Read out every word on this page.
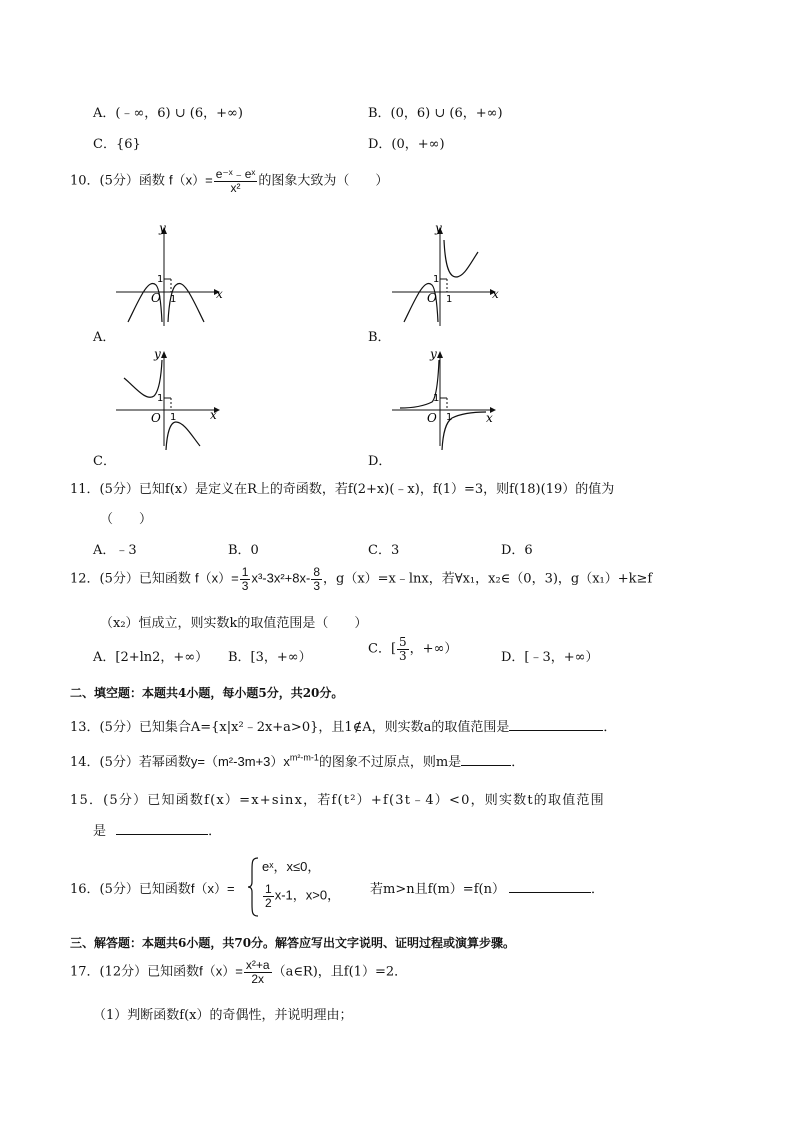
A．(﹣∞，6) ∪ (6，+∞)	B．(0，6) ∪ (6，+∞)
C．{6}	D．(0，+∞)
10．(5分）函数 $f(x)= \frac{\text{e⁻ˣ﹣eˣ}}{\text{x²}}$ 的图象大致为（　　）
y
x
O
1
1
A．
y
x
O
1
1
B．
y
x
O
1
1
C．
y
x
O
1
1
D．
11．(5分）已知f(x）是定义在R上的奇函数，若f(2+x)(﹣x)，f(1）=3，则f(18)(19）的值为
（　　）
A．﹣3	B．0	C．3	D．6
12．(5分）已知函数 $f(x)= \frac{1}{3} x^3-3x^2+8x- \frac{8}{3}$ ，g（x）=x﹣lnx，若∀x₁，x₂∈（0，3)，g（x₁）+k≥f
（x₂）恒成立，则实数k的取值范围是（　　）
A．[2+ln2，+∞） B．[3，+∞）
C．[ $\frac{5}{3}$ ，+∞）
D．[﹣3，+∞）
二、填空题：本题共4小题，每小题5分，共20分。
13．(5分）已知集合A={x|x²﹣2x+a>0}，且1∉A，则实数a的取值范围是	．
14．(5分）若幂函数$y=(m^2-3m+3)x^{m^2-m-1}$的图象不过原点，则m是	．
15．(5分）已知函数f(x）=x+sinx，若f(t²）+f(3t﹣4）<0，则实数t的取值范围
是	．
16．(5分）已知函数f（x）=
eˣ，x≤0，
$\frac{1}{2} x-1$，x>0， 若m>n且f(m）=f(n）	．
三、解答题：本题共6小题，共70分。解答应写出文字说明、证明过程或演算步骤。
17．(12分）已知函数$f(x)= \frac{\text{x²+a}}{2x}$ （a∈R)，且f(1）=2．
（1）判断函数f(x）的奇偶性，并说明理由；
